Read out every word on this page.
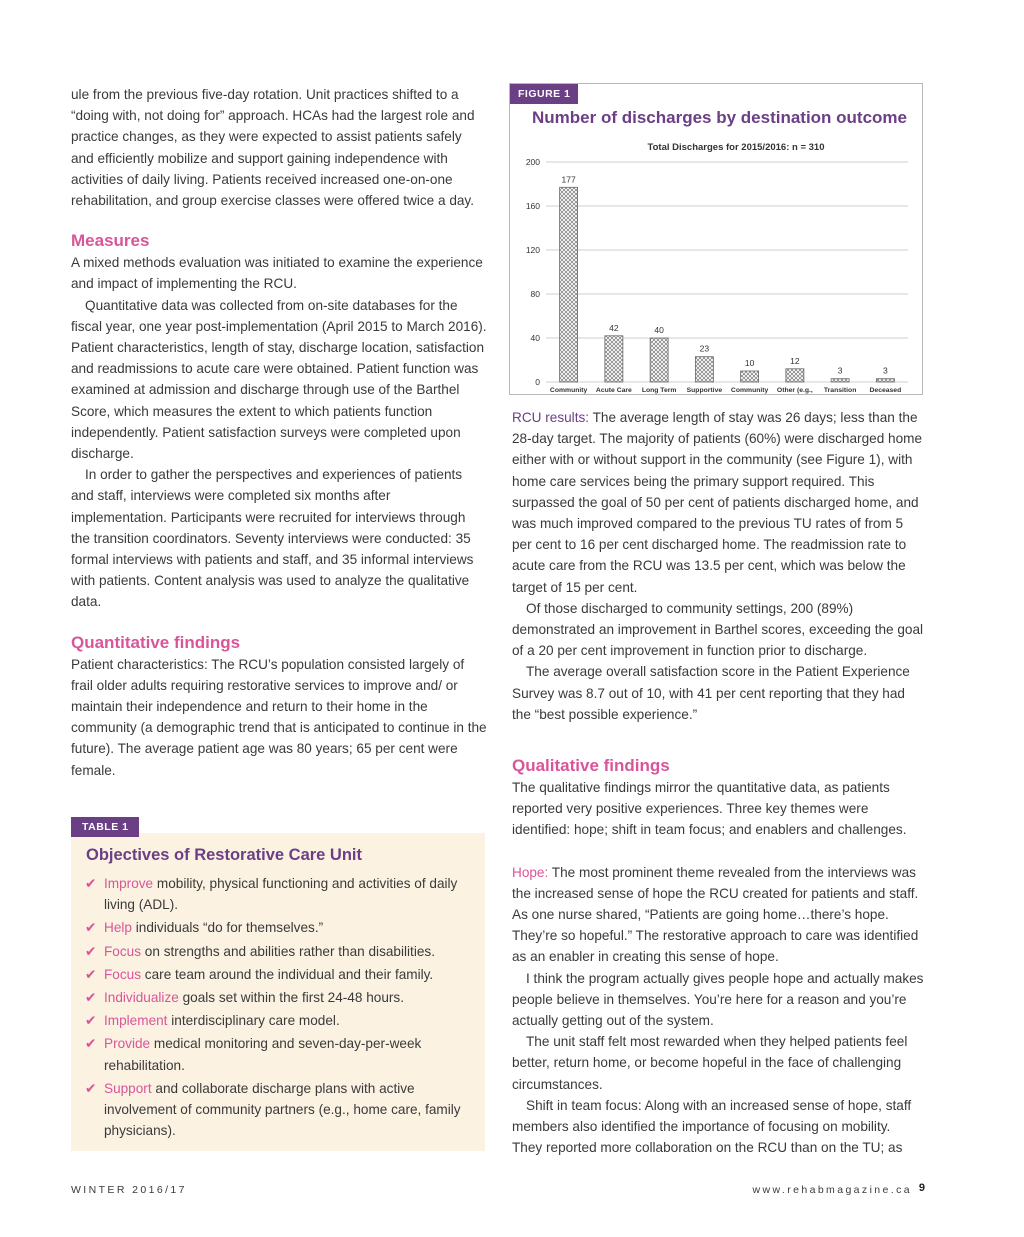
ule from the previous five-day rotation. Unit practices shifted to a “doing with, not doing for” approach. HCAs had the largest role and practice changes, as they were expected to assist patients safely and efficiently mobilize and support gaining independence with activities of daily living. Patients received increased one-on-one rehabilitation, and group exercise classes were offered twice a day.

Measures

A mixed methods evaluation was initiated to examine the experience and impact of implementing the RCU.

Quantitative data was collected from on-site databases for the fiscal year, one year post-implementation (April 2015 to March 2016). Patient characteristics, length of stay, discharge location, satisfaction and readmissions to acute care were obtained. Patient function was examined at admission and discharge through use of the Barthel Score, which measures the extent to which patients function independently. Patient satisfaction surveys were completed upon discharge.

In order to gather the perspectives and experiences of patients and staff, interviews were completed six months after implementation. Participants were recruited for interviews through the transition coordinators. Seventy interviews were conducted: 35 formal interviews with patients and staff, and 35 informal interviews with patients. Content analysis was used to analyze the qualitative data.

Quantitative findings

Patient characteristics: The RCU’s population consisted largely of frail older adults requiring restorative services to improve and/ or maintain their independence and return to their home in the community (a demographic trend that is anticipated to continue in the future). The average patient age was 80 years; 65 per cent were female.

TABLE 1
Objectives of Restorative Care Unit
✔ Improve mobility, physical functioning and activities of daily living (ADL).
✔ Help individuals “do for themselves.”
✔ Focus on strengths and abilities rather than disabilities.
✔ Focus care team around the individual and their family.
✔ Individualize goals set within the first 24-48 hours.
✔ Implement interdisciplinary care model.
✔ Provide medical monitoring and seven-day-per-week rehabilitation.
✔ Support and collaborate discharge plans with active involvement of community partners (e.g., home care, family physicians).
FIGURE 1
Number of discharges by destination outcome
Total Discharges for 2015/2016: n = 310
0
40
80
120
160
200
177
Community
42
Acute Care
40
Long Term
23
Supportive
10
Community
12
Other (e.g.,
3
Transition
3
Deceased

RCU results: The average length of stay was 26 days; less than the 28-day target. The majority of patients (60%) were discharged home either with or without support in the community (see Figure 1), with home care services being the primary support required. This surpassed the goal of 50 per cent of patients discharged home, and was much improved compared to the previous TU rates of from 5 per cent to 16 per cent discharged home. The readmission rate to acute care from the RCU was 13.5 per cent, which was below the target of 15 per cent.

Of those discharged to community settings, 200 (89%) demonstrated an improvement in Barthel scores, exceeding the goal of a 20 per cent improvement in function prior to discharge.

The average overall satisfaction score in the Patient Experience Survey was 8.7 out of 10, with 41 per cent reporting that they had the “best possible experience.”

Qualitative findings

The qualitative findings mirror the quantitative data, as patients reported very positive experiences. Three key themes were identified: hope; shift in team focus; and enablers and challenges.

Hope: The most prominent theme revealed from the interviews was the increased sense of hope the RCU created for patients and staff. As one nurse shared, “Patients are going home…there’s hope. They’re so hopeful.” The restorative approach to care was identified as an enabler in creating this sense of hope.

I think the program actually gives people hope and actually makes people believe in themselves. You’re here for a reason and you’re actually getting out of the system.

The unit staff felt most rewarded when they helped patients feel better, return home, or become hopeful in the face of challenging circumstances.

Shift in team focus: Along with an increased sense of hope, staff members also identified the importance of focusing on mobility. They reported more collaboration on the RCU than on the TU; as

WINTER 2016/17	www.rehabmagazine.ca 9
